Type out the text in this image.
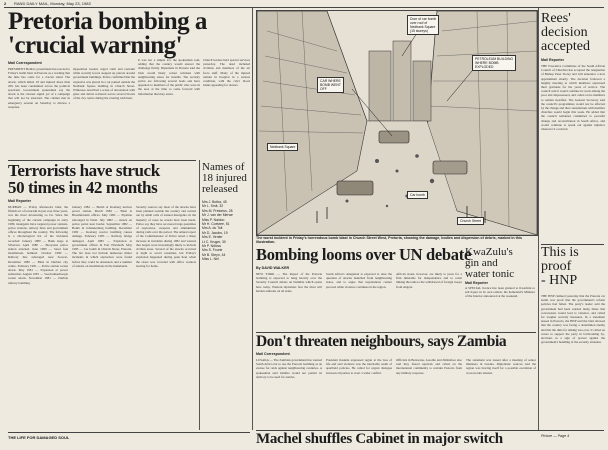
2 RAND DAILY MAIL, Monday, May 23, 1983
Pretoria bombing a
'crucial warning'
Mail Correspondent
PRESIDENT Botha's government has reacted to Friday's bomb blast in Pretoria as a warning that the time has come for a crucial stand. The attack, which killed 18 and injured more than 200, has been condemned across the political spectrum. Government spokesmen say the attack is the clearest signal yet of a campaign that will not be tolerated. The cabinet met in emergency session on Saturday to discuss a response.
Opposition leaders urged calm and restraint while security forces stepped up patrols around government buildings. Police confirmed that the explosive was placed in a car parked outside the Nedbank Square building in Church Street. Witnesses described a scene of devastation with glass and debris scattered across several blocks of the city centre during the evening rush hour.
It was not a simple act, the spokesman said, adding that the country would answer the challenge firmly. Diplomats in Pretoria said the blast would likely colour relations with neighbouring states for months. The security police are following several leads and have appealed to members of the public who were in the area at the time to come forward with information that may assist.
Church leaders held special services yesterday. The dead included civilians and members of the air force staff. Many of the injured remain in hospital in a serious condition, with the city's blood banks appealing for donors.
Terrorists have struck
50 times in 42 months
Mail Reporter
DURBAN — Friday afternoon's blast, the fiftieth act of terrorism in just over three years, was the most devastating so far. Since the beginning of the current campaign in early 1980, insurgents have targeted power stations, police stations, railway lines and government offices throughout the country. The following is a chronological list of the incidents recorded: January 1980 — Bank siege at Silverton. April 1980 — Booysens police station attacked. June 1980 — Sasol fuel installations bombed. October 1980 — Railway line sabotaged near Soweto. December 1980 — Blast in Durban city centre. February 1981 — Police station rocket attack. May 1981 — Explosion at power substation. August 1981 — Voortrekkerhoogte rocket attack. November 1981 — Durban railway bombing.
January 1982 — Bomb at Koeberg nuclear power station. March 1982 — Blast at Bloemfontein offices. May 1982 — Pipeline sabotaged in Natal. July 1982 — Attack on police patrol near border. September 1982 — Bomb in Johannesburg building. December 1982 — Koeberg reactor bombing causes damage. February 1983 — Railway bridge damaged. April 1983 — Explosion at government offices in Port Elizabeth. May 1983 — Car bomb in Church Street, Pretoria. The list does not include numerous minor incidents in which explosives were found before they could be detonated, and a number of attacks on installations in the homelands.
Security sources say most of the attacks have been planned outside the country and carried out by small cells of trained insurgents. In the majority of cases no arrests have been made. Police say they have recovered large quantities of explosives, weapons and ammunition during raids over the period. The annual report of the Commissioner of Police noted a sharp increase in incidents during 1982 and warned that targets were increasingly likely to include civilian areas. Several of the attacks occurred at night to avoid casualties, but Friday's explosion happened during peak hour when the street was crowded with office workers leaving for home.
Names of
18 injured
released
Mrs J. Botha, 45
Mr L. Smit, 32
Mrs M. Pretorius, 28
Mr J. van der Merwe
Miss P. Naidoo
Mr H. Coetzee, 51
Mrs A. du Toit
Mr D. Jacobs, 19
Mrs E. Venter
Lt C. Kruger, 30
Mr P. Ndlovu
Mrs S. Fourie
Mr B. Steyn, 44
Miss L. Nel
Door of car bomb
over roof of
Nedbank Square
(15 storeys)
PETROLEUM BUILDING
WHERE BOMB
EXPLODED
CAR WHERE
BOMB WENT
OFF
Nedbank Square
Car bomb
Church Street
The worst incident in Friday's horrendous bomb blast in Church Street West, Pretoria, showing the damage, bodies and dispersion of debris, marked in this illustration.
Bombing looms over UN debate
By DAVID WALKER
NEW YORK — The impact of the Pretoria bombing is expected to hang heavily over the Security Council debate on Namibia which opens here today. Western diplomats fear the blast will harden attitudes on all sides.
South Africa's delegation is expected to raise the question of attacks launched from neighbouring states, and to argue that negotiations cannot proceed while violence continues in the region.
African states, however, are likely to press for a firm timetable for independence and to resist linking the talks to the withdrawal of foreign troops from Angola.
Don't threaten neighbours, says Zambia
Mail Correspondent
LUSAKA — The Zambian government has warned South Africa not to use the Pretoria bombing as an excuse for raids against neighbouring countries. A spokesman said Zambia would not permit its territory to be used for attacks.
President Kaunda expressed regret at the loss of life and said violence was the inevitable result of apartheid policies. He called for urgent dialogue between all parties to avert a wider conflict.
Officials in Botswana, Lesotho and Zimbabwe also said they feared reprisals and called on the international community to restrain Pretoria from any military response.
The statement was issued after a meeting of senior ministers in Lusaka. Diplomatic sources said the region was bracing itself for a possible escalation of cross-border tension.
Machel shuffles Cabinet in major switch
THE LIFE FOR DAMAGED SOUL
Rees'
decision
accepted
Mail Reporter
THE Executive Committee of the South African Council of Churches has accepted the resignation of Bishop Peter Storey and will announce a new appointment shortly. The decision followed a lengthy meeting at which members expressed their gratitude for his years of service. The council said it would continue its work among the poor and dispossessed, and called on its members to remain steadfast. The General Secretary said the council's programmes would not be affected by the change and that consultations with member churches would begin this week. He added that the council remained committed to peaceful change and reconciliation in South Africa, and would continue to speak out against injustice wherever it occurred.
This is
proof
- HNP
THE HNP claimed yesterday that the Pretoria car bomb was proof that the government's reform policies had failed. The party's leader said the government had been warned many times that concessions would lead to violence, and called for tougher security measures. In a statement issued in Pretoria, the HNP said the blast showed that the country was facing a determined enemy and that the time for talking was over. It called on voters to support the party in forthcoming by-elections as a sign of protest against the government's handling of the security situation.
KwaZulu's
gin and
water tonic
Mail Reporter
A SPECIAL licence has been granted to KwaZulu to sell liquor in its own outlets, the homeland's Minister of the Interior announced at the weekend.
Picture — Page 4
